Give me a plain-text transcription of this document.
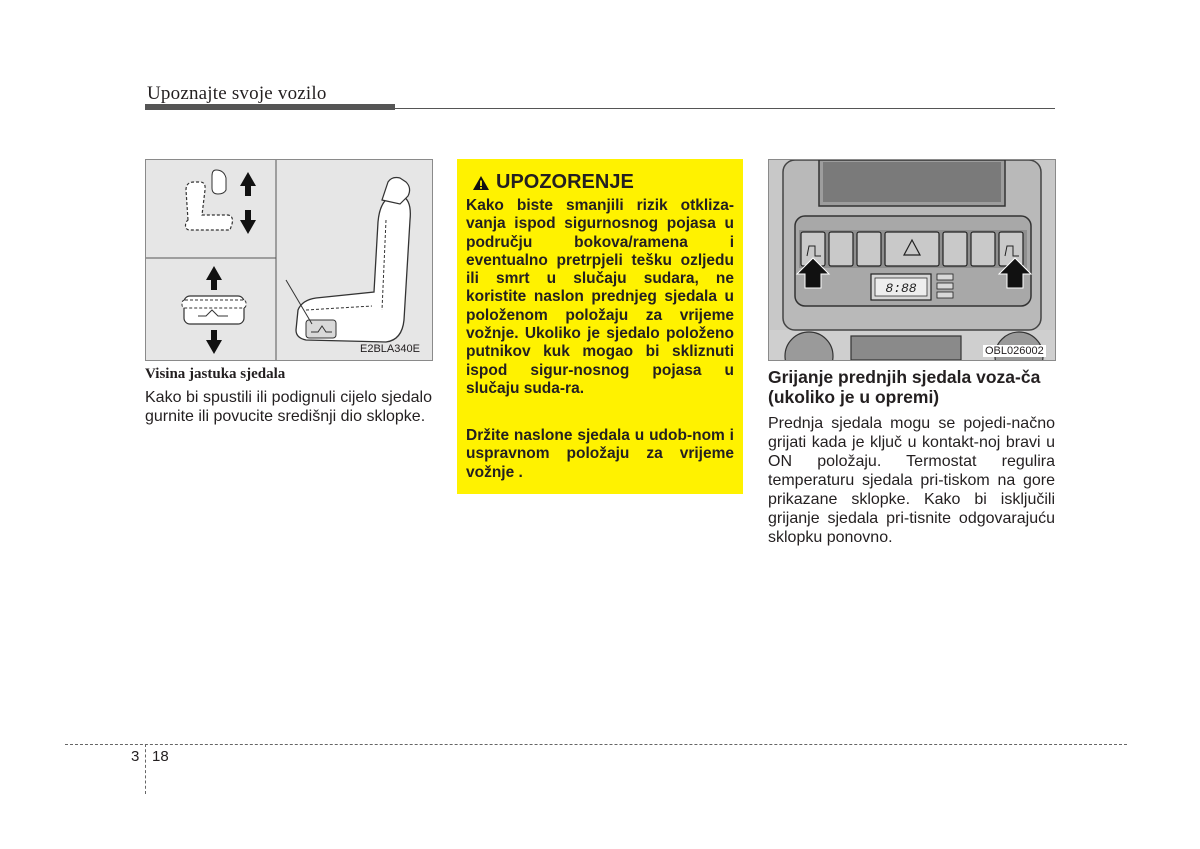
Upoznajte svoje vozilo
E2BLA340E
Visina jastuka sjedala
Kako bi spustili ili podignuli cijelo sjedalo gurnite ili povucite središnji dio sklopke.
UPOZORENJE
Kako biste smanjili rizik otkliza-vanja ispod sigurnosnog pojasa u području bokova/ramena i eventualno pretrpjeli tešku ozljedu ili smrt u slučaju sudara, ne koristite naslon prednjeg sjedala u položenom položaju za vrijeme vožnje. Ukoliko je sjedalo položeno putnikov kuk mogao bi skliznuti ispod sigur-nosnog pojasa u slučaju suda-ra.
Držite naslone sjedala u udob-nom i uspravnom položaju za vrijeme vožnje .
8:88
OBL026002
Grijanje prednjih sjedala voza-ča (ukoliko je u opremi)
Prednja sjedala mogu se pojedi-načno grijati kada je ključ u kontakt-noj bravi u ON položaju. Termostat regulira temperaturu sjedala pri-tiskom na gore prikazane sklopke. Kako bi isključili grijanje sjedala pri-tisnite odgovarajuću sklopku ponovno.
3 18
